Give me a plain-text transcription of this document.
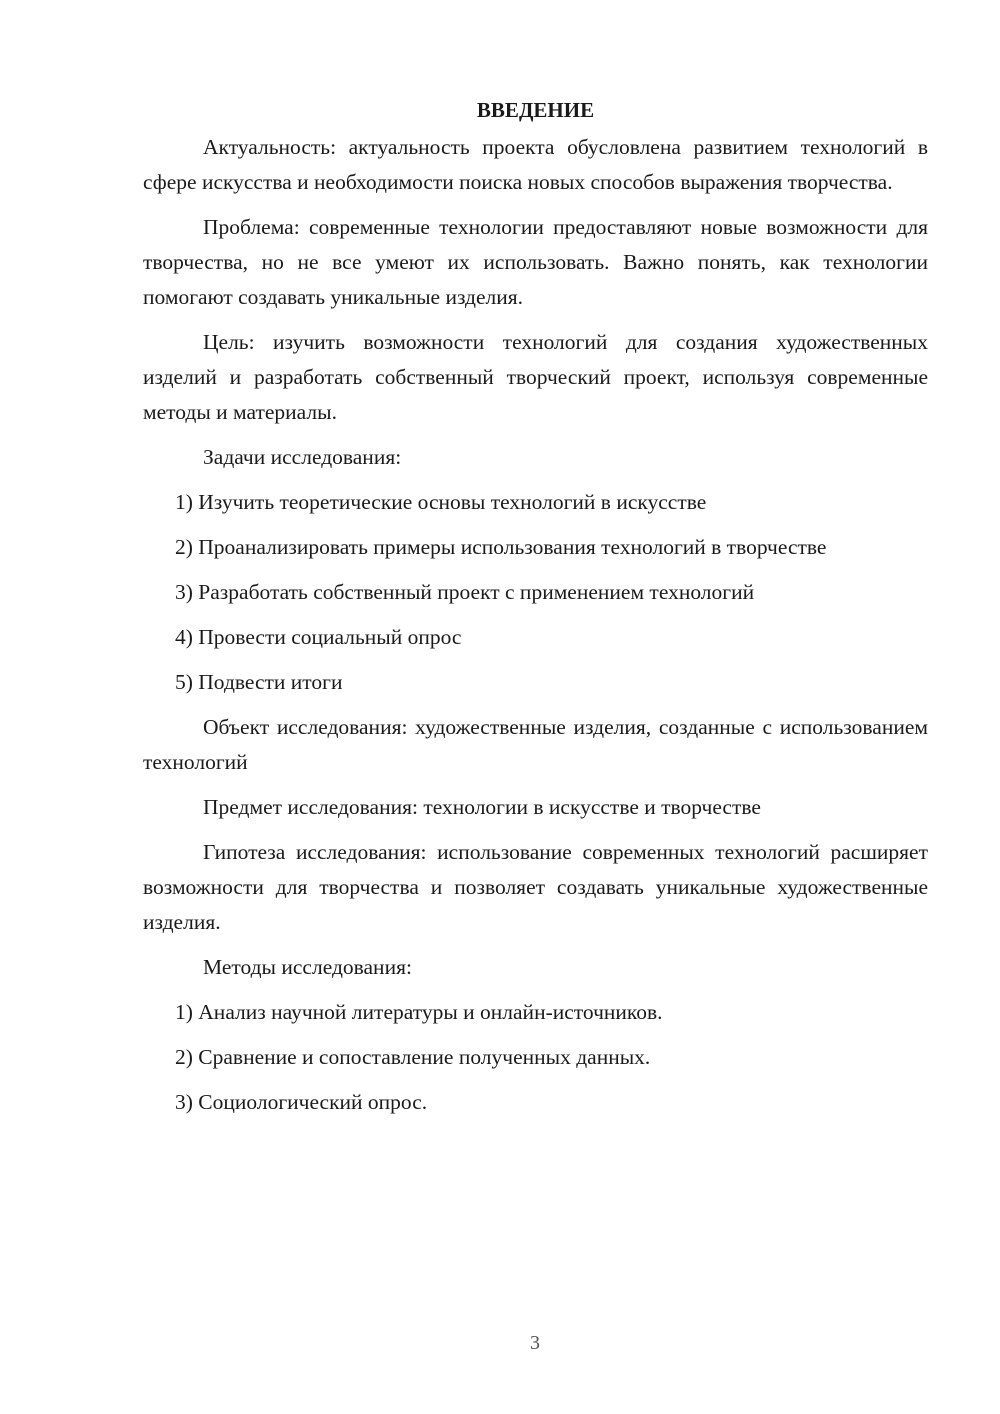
ВВЕДЕНИЕ

Актуальность: актуальность проекта обусловлена развитием технологий в сфере искусства и необходимости поиска новых способов выражения творчества.

Проблема: современные технологии предоставляют новые возможности для творчества, но не все умеют их использовать. Важно понять, как технологии помогают создавать уникальные изделия.

Цель: изучить возможности технологий для создания художественных изделий и разработать собственный творческий проект, используя современные методы и материалы.

Задачи исследования:

1) Изучить теоретические основы технологий в искусстве

2) Проанализировать примеры использования технологий в творчестве

3) Разработать собственный проект с применением технологий

4) Провести социальный опрос

5) Подвести итоги

Объект исследования: художественные изделия, созданные с использованием технологий

Предмет исследования: технологии в искусстве и творчестве

Гипотеза исследования: использование современных технологий расширяет возможности для творчества и позволяет создавать уникальные художественные изделия.

Методы исследования:

1) Анализ научной литературы и онлайн-источников.

2) Сравнение и сопоставление полученных данных.

3) Социологический опрос.

3
